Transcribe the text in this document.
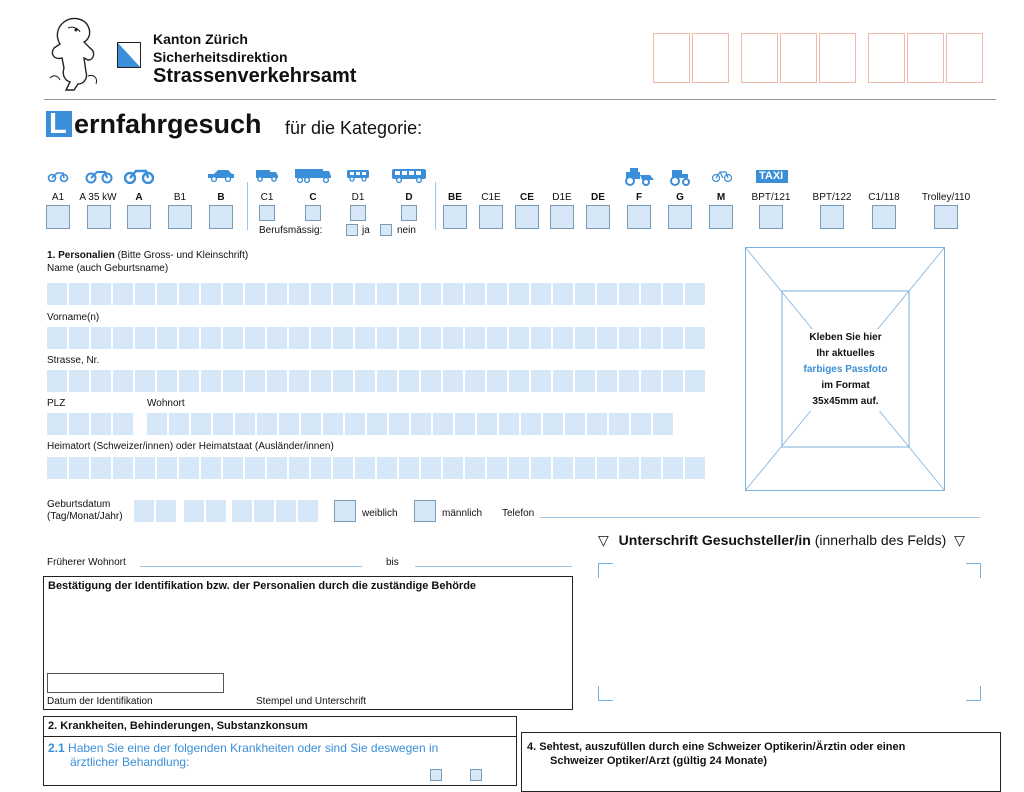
Kanton Zürich
Sicherheitsdirektion
Strassenverkehrsamt
L ernfahrgesuch für die Kategorie:
TAXI
A1 A 35 kW A	B1	B	C1	C	D1	D	BE C1E CE D1E DE	F	G	M	BPT/121 BPT/122 C1/118 Trolley/110
Berufsmässig:	ja	nein
1. Personalien (Bitte Gross- und Kleinschrift)
Name (auch Geburtsname)
Vorname(n)
Strasse, Nr.
PLZ	Wohnort
Heimatort (Schweizer/innen) oder Heimatstaat (Ausländer/innen)
Geburtsdatum
(Tag/Monat/Jahr)	weiblich	männlich Telefon
Früherer Wohnort	bis
Kleben Sie hier
Ihr aktuelles
farbiges Passfoto
im Format
35x45mm auf.
▽ Unterschrift Gesuchsteller/in (innerhalb des Felds) ▽
Bestätigung der Identifikation bzw. der Personalien durch die zuständige Behörde
Datum der Identifikation	Stempel und Unterschrift
2. Krankheiten, Behinderungen, Substanzkonsum
2.1 Haben Sie eine der folgenden Krankheiten oder sind Sie deswegen in
ärztlicher Behandlung:
4. Sehtest, auszufüllen durch eine Schweizer Optikerin/Ärztin oder einen
Schweizer Optiker/Arzt (gültig 24 Monate)
